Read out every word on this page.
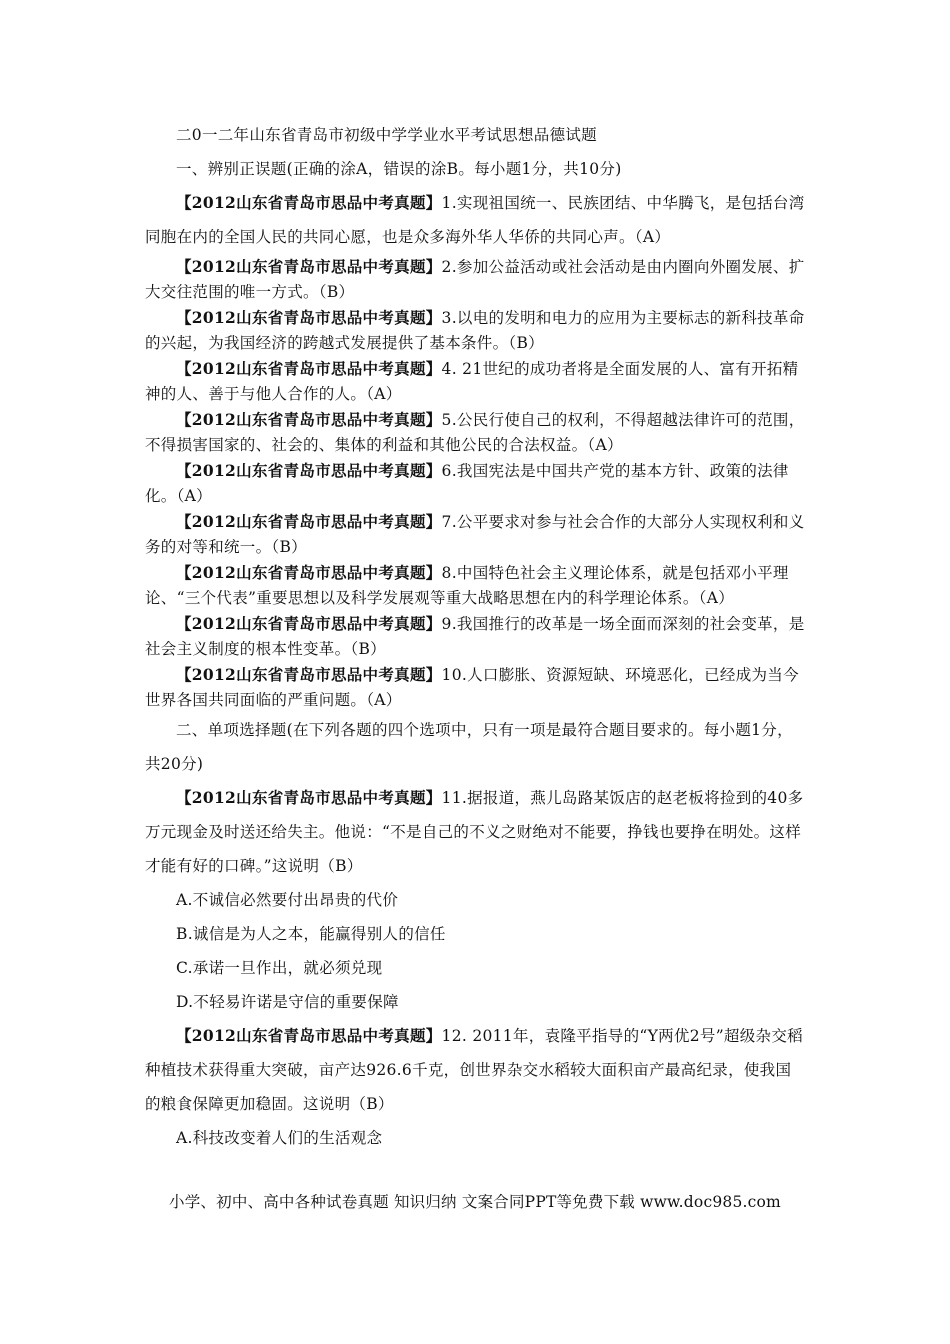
二0一二年山东省青岛市初级中学学业水平考试思想品德试题

一、辨别正误题(正确的涂A，错误的涂B。每小题1分，共10分)

【2012山东省青岛市思品中考真题】1.实现祖国统一、民族团结、中华腾飞，是包括台湾同胞在内的全国人民的共同心愿，也是众多海外华人华侨的共同心声。（A）

【2012山东省青岛市思品中考真题】2.参加公益活动或社会活动是由内圈向外圈发展、扩大交往范围的唯一方式。（B）

【2012山东省青岛市思品中考真题】3.以电的发明和电力的应用为主要标志的新科技革命的兴起，为我国经济的跨越式发展提供了基本条件。（B）

【2012山东省青岛市思品中考真题】4. 21世纪的成功者将是全面发展的人、富有开拓精神的人、善于与他人合作的人。（A）

【2012山东省青岛市思品中考真题】5.公民行使自己的权利，不得超越法律许可的范围，不得损害国家的、社会的、集体的利益和其他公民的合法权益。（A）

【2012山东省青岛市思品中考真题】6.我国宪法是中国共产党的基本方针、政策的法律化。（A）

【2012山东省青岛市思品中考真题】7.公平要求对参与社会合作的大部分人实现权利和义务的对等和统一。（B）

【2012山东省青岛市思品中考真题】8.中国特色社会主义理论体系，就是包括邓小平理论、“三个代表”重要思想以及科学发展观等重大战略思想在内的科学理论体系。（A）

【2012山东省青岛市思品中考真题】9.我国推行的改革是一场全面而深刻的社会变革，是社会主义制度的根本性变革。（B）

【2012山东省青岛市思品中考真题】10.人口膨胀、资源短缺、环境恶化，已经成为当今世界各国共同面临的严重问题。（A）

二、单项选择题(在下列各题的四个选项中，只有一项是最符合题目要求的。每小题1分，共20分)

【2012山东省青岛市思品中考真题】11.据报道，燕儿岛路某饭店的赵老板将捡到的40多万元现金及时送还给失主。他说：“不是自己的不义之财绝对不能要，挣钱也要挣在明处。这样才能有好的口碑。”这说明（B）

A.不诚信必然要付出昂贵的代价

B.诚信是为人之本，能赢得别人的信任

C.承诺一旦作出，就必须兑现

D.不轻易许诺是守信的重要保障

【2012山东省青岛市思品中考真题】12. 2011年，袁隆平指导的“Y两优2号”超级杂交稻种植技术获得重大突破，亩产达926.6千克，创世界杂交水稻较大面积亩产最高纪录，使我国的粮食保障更加稳固。这说明（B）

A.科技改变着人们的生活观念

小学、初中、高中各种试卷真题 知识归纳 文案合同PPT等免费下载 www.doc985.com
